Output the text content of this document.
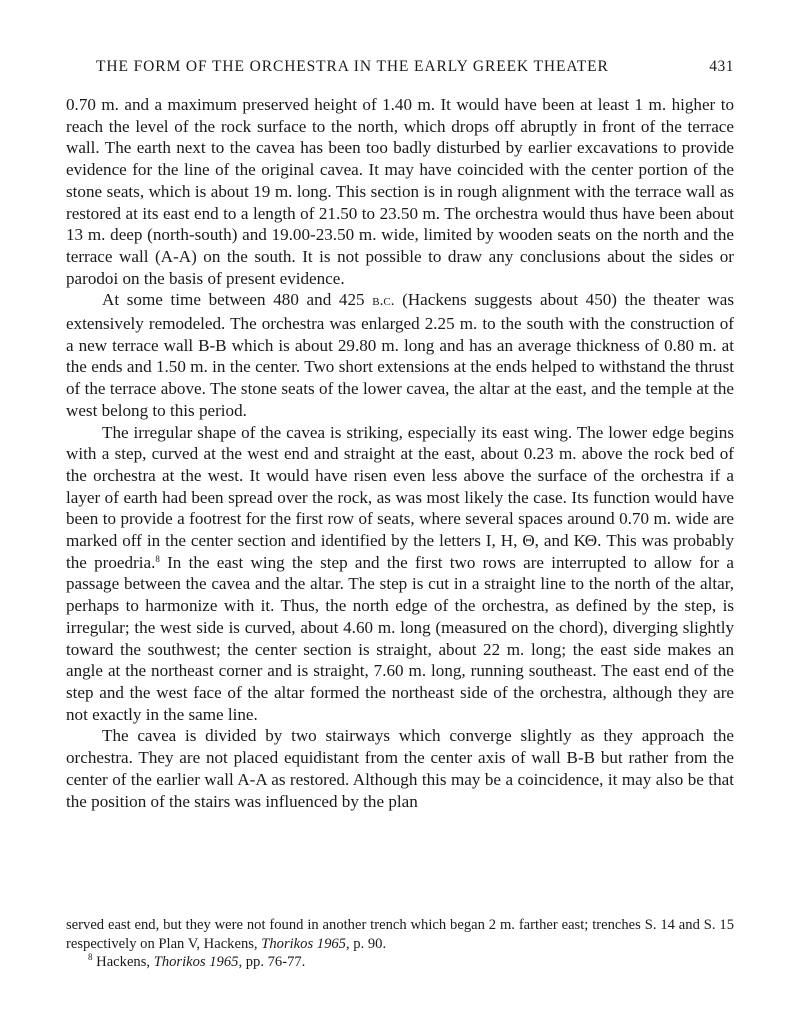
THE FORM OF THE ORCHESTRA IN THE EARLY GREEK THEATER	431

0.70 m. and a maximum preserved height of 1.40 m. It would have been at least 1 m. higher to reach the level of the rock surface to the north, which drops off abruptly in front of the terrace wall. The earth next to the cavea has been too badly disturbed by earlier excavations to provide evidence for the line of the original cavea. It may have coincided with the center portion of the stone seats, which is about 19 m. long. This section is in rough alignment with the terrace wall as restored at its east end to a length of 21.50 to 23.50 m. The orchestra would thus have been about 13 m. deep (north-south) and 19.00-23.50 m. wide, limited by wooden seats on the north and the terrace wall (A-A) on the south. It is not possible to draw any conclusions about the sides or parodoi on the basis of present evidence.

At some time between 480 and 425 b.c. (Hackens suggests about 450) the theater was extensively remodeled. The orchestra was enlarged 2.25 m. to the south with the construction of a new terrace wall B-B which is about 29.80 m. long and has an average thickness of 0.80 m. at the ends and 1.50 m. in the center. Two short extensions at the ends helped to withstand the thrust of the terrace above. The stone seats of the lower cavea, the altar at the east, and the temple at the west belong to this period.

The irregular shape of the cavea is striking, especially its east wing. The lower edge begins with a step, curved at the west end and straight at the east, about 0.23 m. above the rock bed of the orchestra at the west. It would have risen even less above the surface of the orchestra if a layer of earth had been spread over the rock, as was most likely the case. Its function would have been to provide a footrest for the first row of seats, where several spaces around 0.70 m. wide are marked off in the center section and identified by the letters Ι, Η, Θ, and ΚΘ. This was probably the proedria.$^8$ In the east wing the step and the first two rows are interrupted to allow for a passage between the cavea and the altar. The step is cut in a straight line to the north of the altar, perhaps to harmonize with it. Thus, the north edge of the orchestra, as defined by the step, is irregular; the west side is curved, about 4.60 m. long (measured on the chord), diverging slightly toward the southwest; the center section is straight, about 22 m. long; the east side makes an angle at the northeast corner and is straight, 7.60 m. long, running southeast. The east end of the step and the west face of the altar formed the northeast side of the orchestra, although they are not exactly in the same line.

The cavea is divided by two stairways which converge slightly as they approach the orchestra. They are not placed equidistant from the center axis of wall B-B but rather from the center of the earlier wall A-A as restored. Although this may be a coincidence, it may also be that the position of the stairs was influenced by the plan

served east end, but they were not found in another trench which began 2 m. farther east; trenches S. 14 and S. 15 respectively on Plan V, Hackens, Thorikos 1965, p. 90.

$^8$ Hackens, Thorikos 1965, pp. 76-77.
